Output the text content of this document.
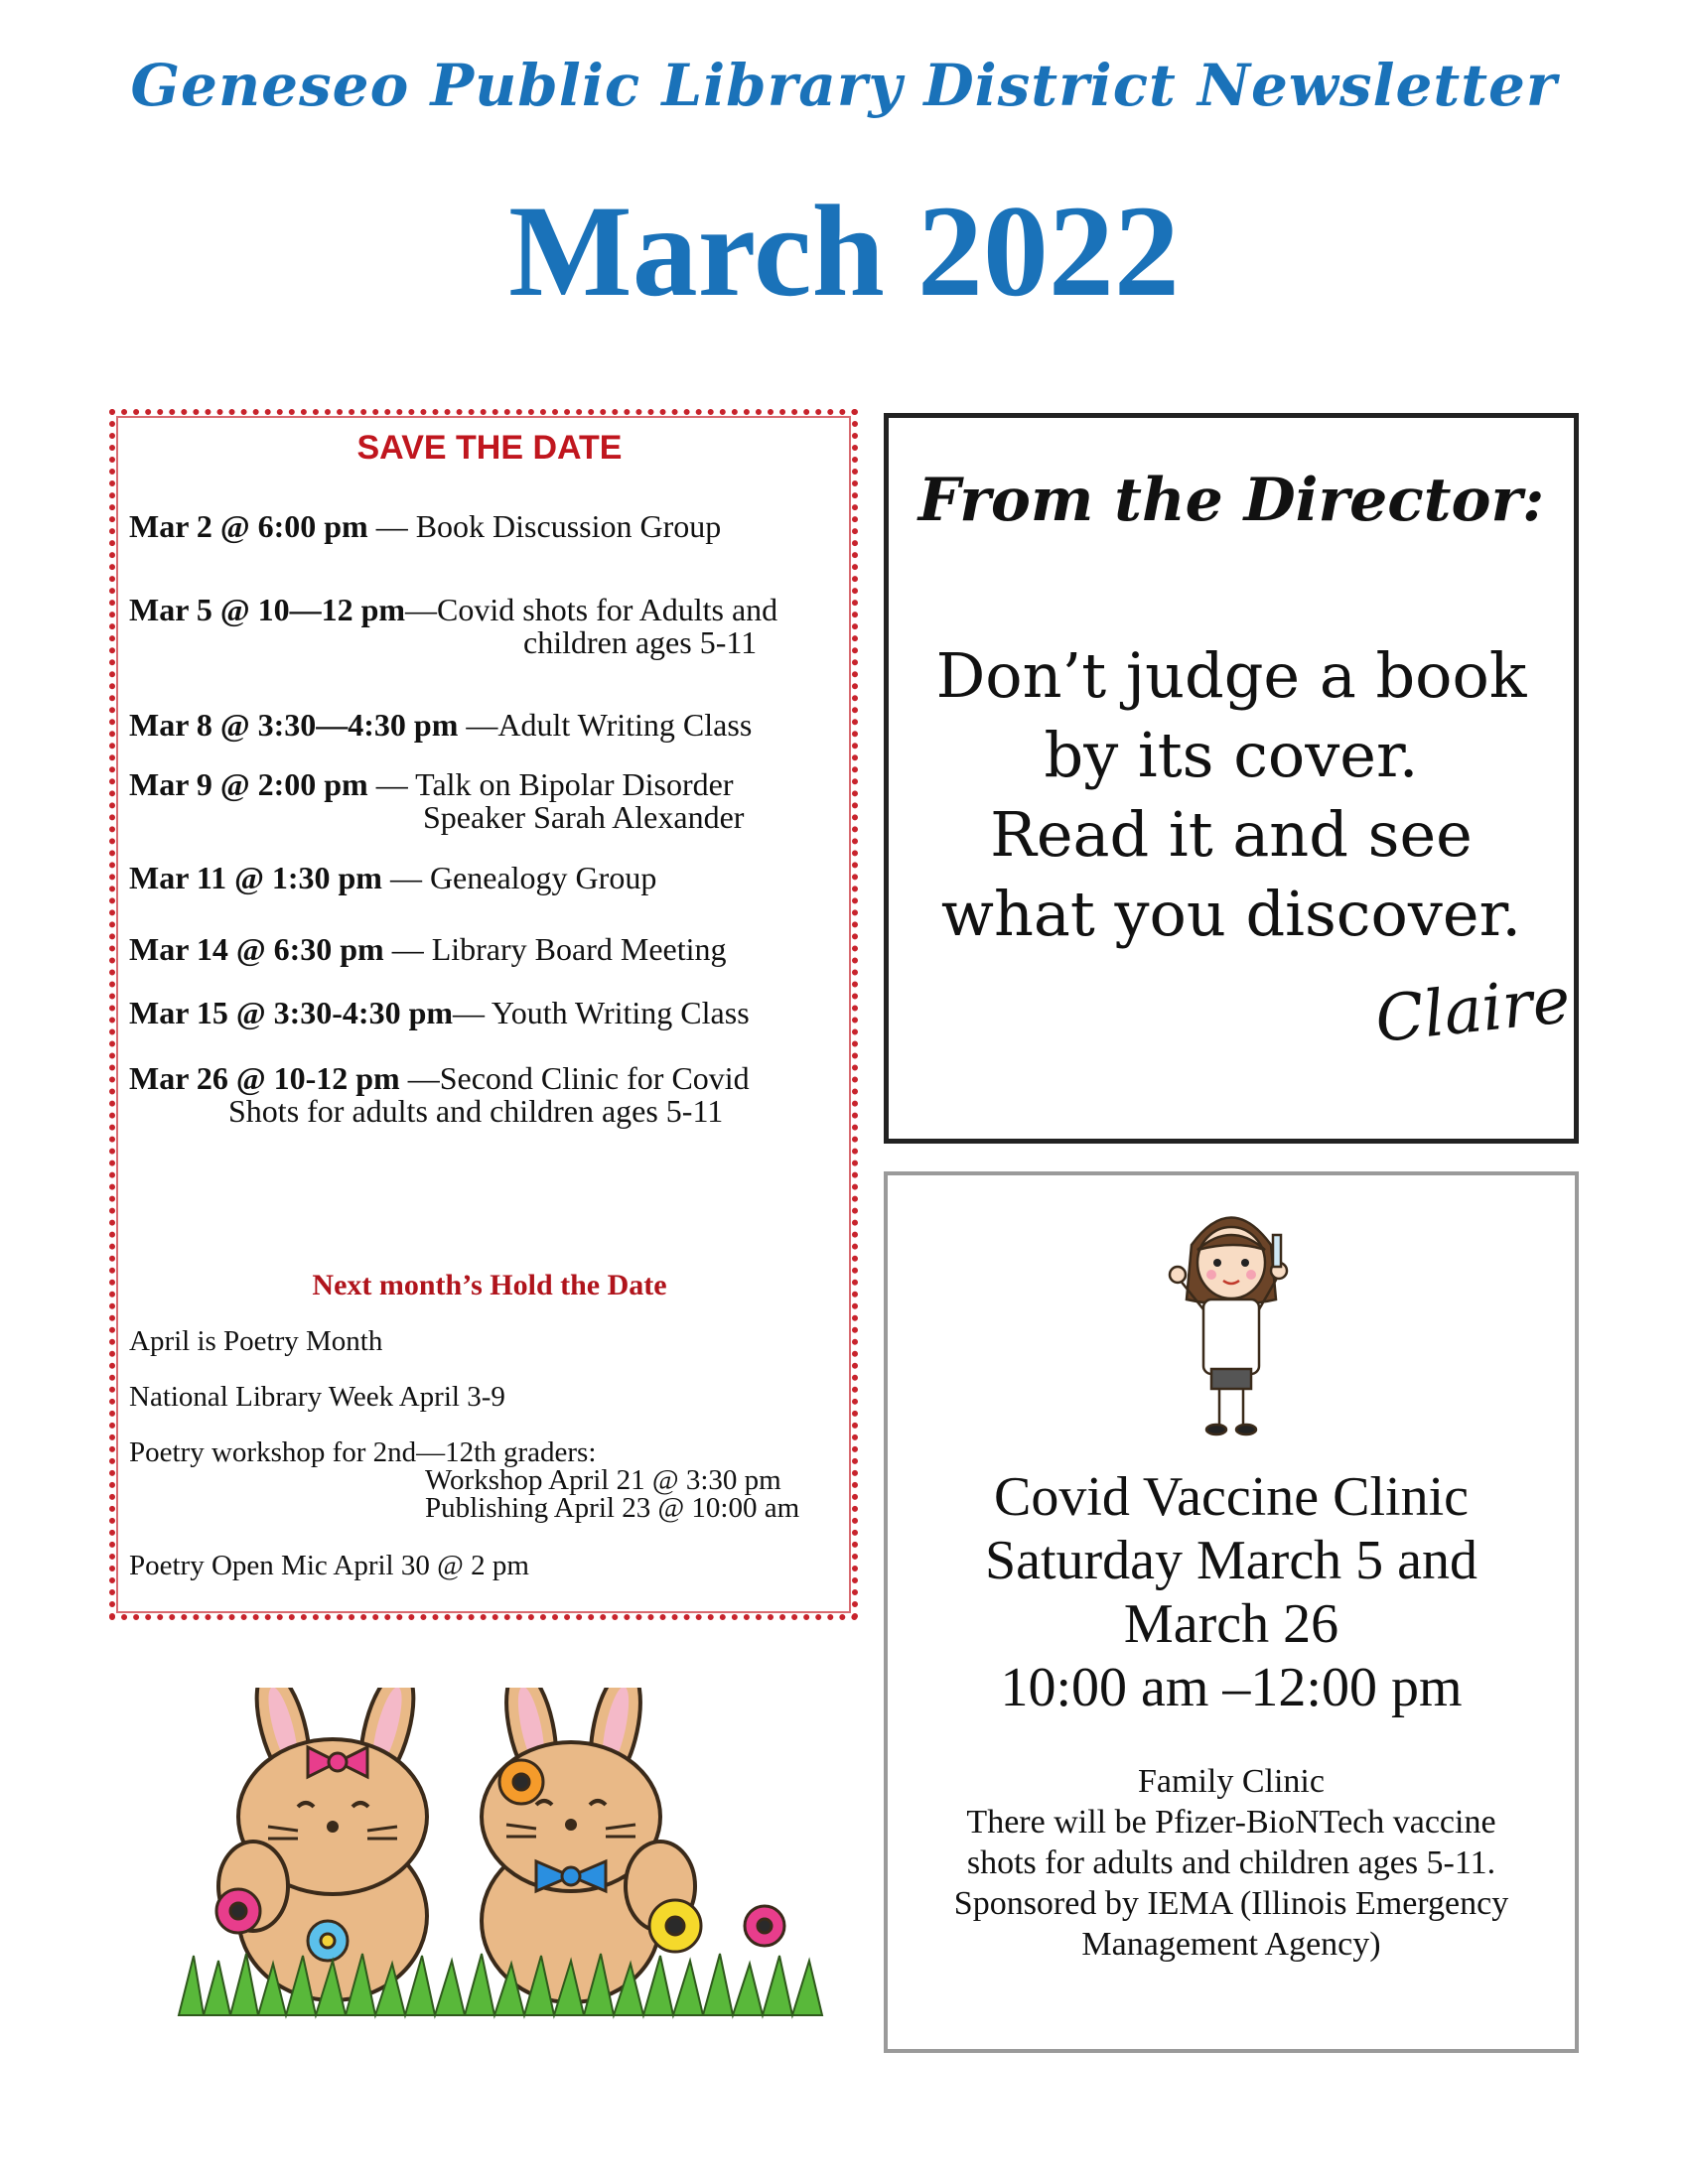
Geneseo Public Library District Newsletter
March 2022
SAVE THE DATE
Mar 2 @ 6:00 pm — Book Discussion Group
Mar 5 @ 10—12 pm—Covid shots for Adults and
children ages 5-11
Mar 8 @ 3:30—4:30 pm —Adult Writing Class
Mar 9 @ 2:00 pm — Talk on Bipolar Disorder
Speaker Sarah Alexander
Mar 11 @ 1:30 pm — Genealogy Group
Mar 14 @ 6:30 pm — Library Board Meeting
Mar 15 @ 3:30-4:30 pm— Youth Writing Class
Mar 26 @ 10-12 pm —Second Clinic for Covid
Shots for adults and children ages 5-11
Next month’s Hold the Date
April is Poetry Month
National Library Week April 3-9
Poetry workshop for 2nd—12th graders:
Workshop April 21 @ 3:30 pm
Publishing April 23 @ 10:00 am
Poetry Open Mic April 30 @ 2 pm
From the Director:
Don’t judge a book
by its cover.
Read it and see
what you discover.
Claire
Covid Vaccine Clinic
Saturday March 5 and
March 26
10:00 am –12:00 pm
Family Clinic
There will be Pfizer-BioNTech vaccine
shots for adults and children ages 5-11.
Sponsored by IEMA (Illinois Emergency
Management Agency)
